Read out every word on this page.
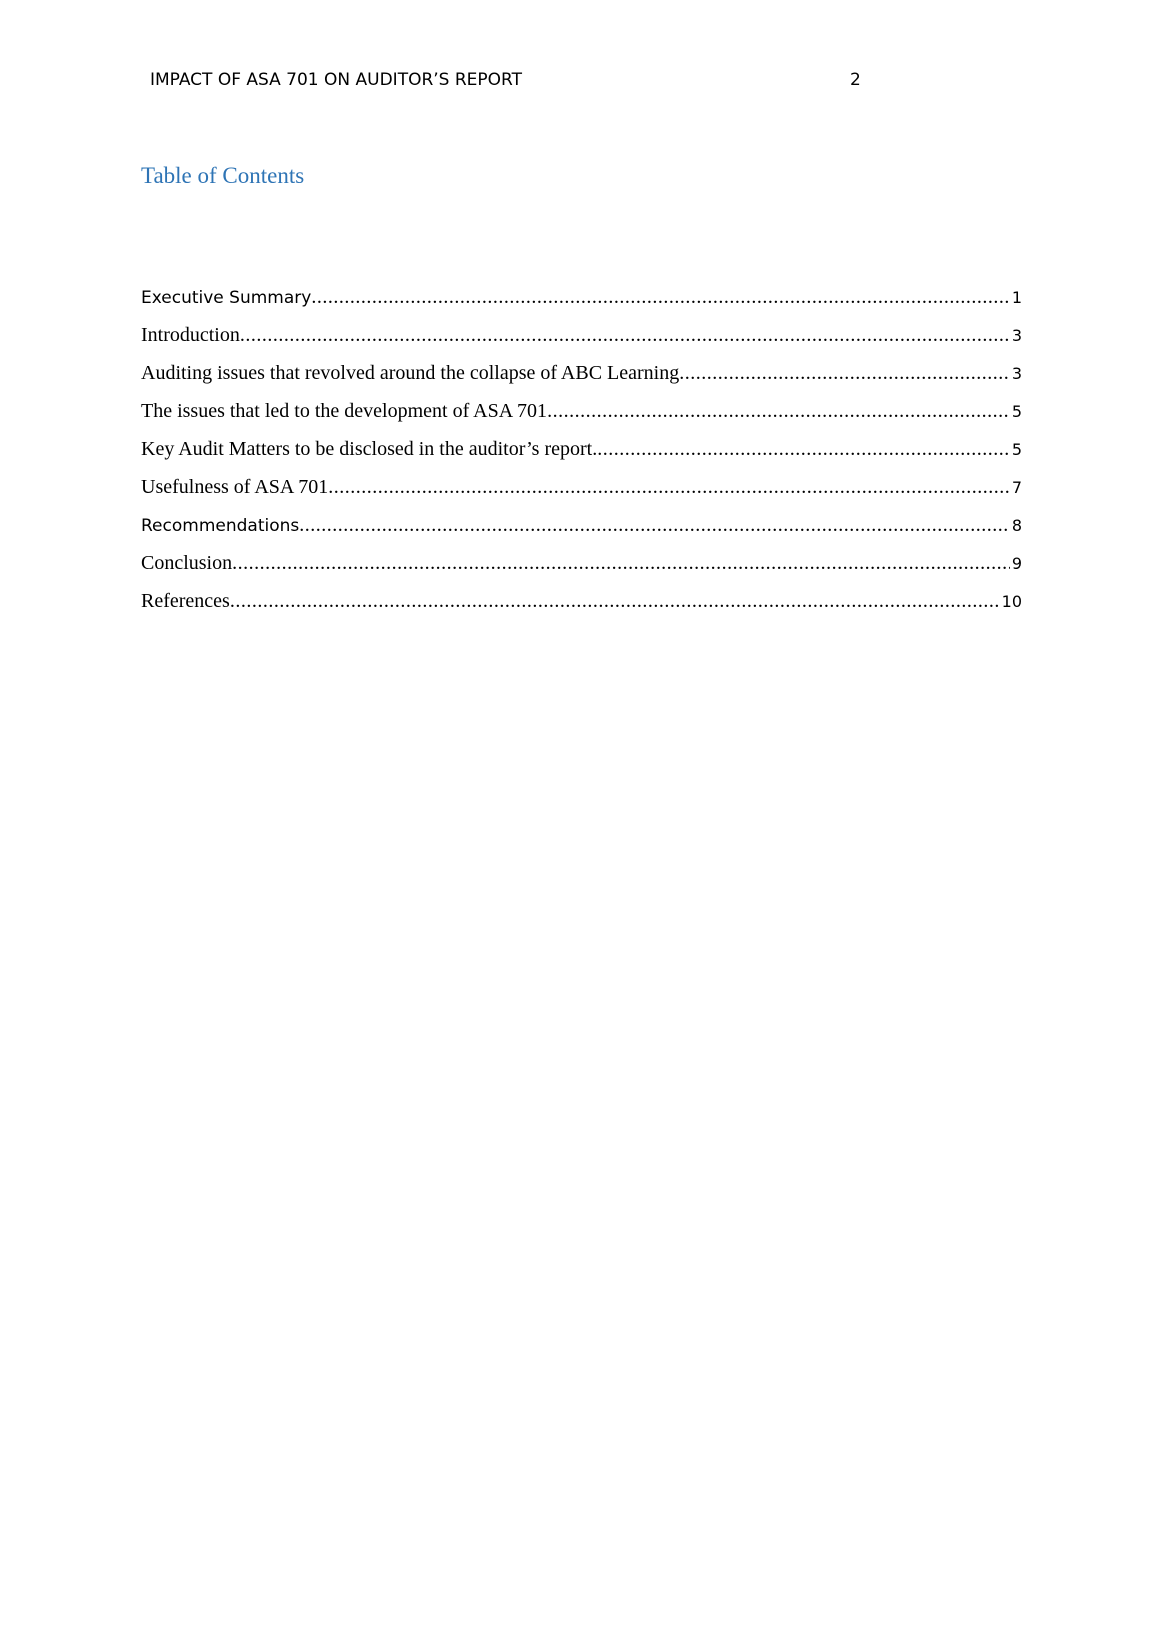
IMPACT OF ASA 701 ON AUDITOR’S REPORT	2
Table of Contents
Executive Summary .....	1
Introduction .....	3
Auditing issues that revolved around the collapse of ABC Learning .....	3
The issues that led to the development of ASA 701 .....	5
Key Audit Matters to be disclosed in the auditor’s report. .....	5
Usefulness of ASA 701 .....	7
Recommendations .....	8
Conclusion .....	9
References .....	10
